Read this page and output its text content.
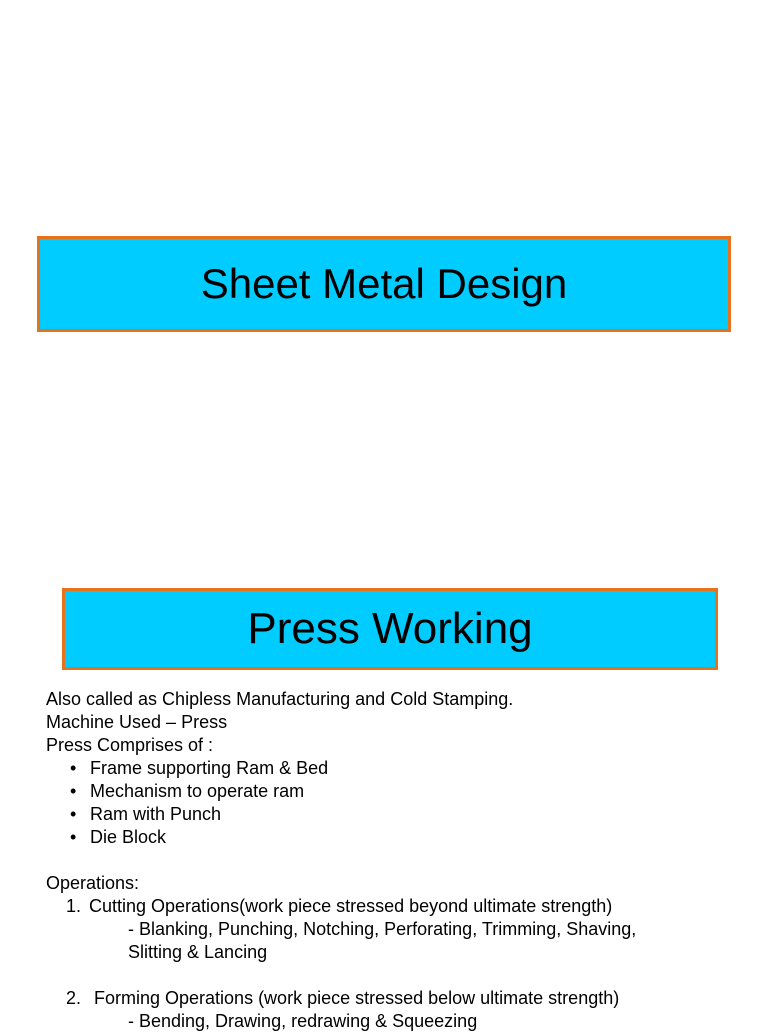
Sheet Metal Design
Press Working
Also called as Chipless Manufacturing and Cold Stamping.
Machine Used – Press
Press Comprises of :
• Frame supporting Ram & Bed
• Mechanism to operate ram
• Ram with Punch
• Die Block
Operations:
1. Cutting Operations(work piece stressed beyond ultimate strength)
- Blanking, Punching, Notching, Perforating, Trimming, Shaving,
Slitting & Lancing
2. Forming Operations (work piece stressed below ultimate strength)
- Bending, Drawing, redrawing & Squeezing
